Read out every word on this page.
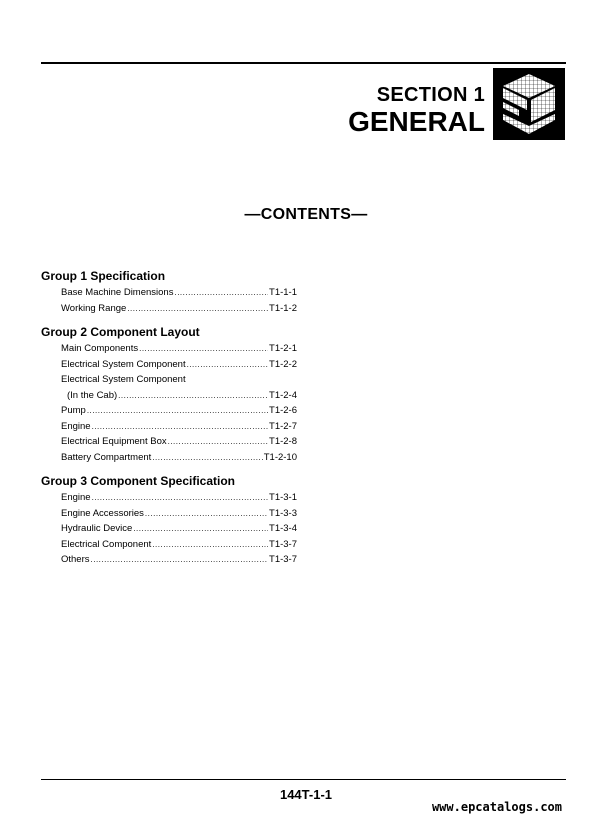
SECTION 1
GENERAL
—CONTENTS—
Group 1 Specification
Base Machine Dimensions .....	T1-1-1
Working Range .....	T1-1-2
Group 2 Component Layout
Main Components .....	T1-2-1
Electrical System Component .....	T1-2-2
Electrical System Component
(In the Cab) .....	T1-2-4
Pump .....	T1-2-6
Engine .....	T1-2-7
Electrical Equipment Box .....	T1-2-8
Battery Compartment .....	T1-2-10
Group 3 Component Specification
Engine .....	T1-3-1
Engine Accessories .....	T1-3-3
Hydraulic Device .....	T1-3-4
Electrical Component .....	T1-3-7
Others .....	T1-3-7
144T-1-1
www.epcatalogs.com
